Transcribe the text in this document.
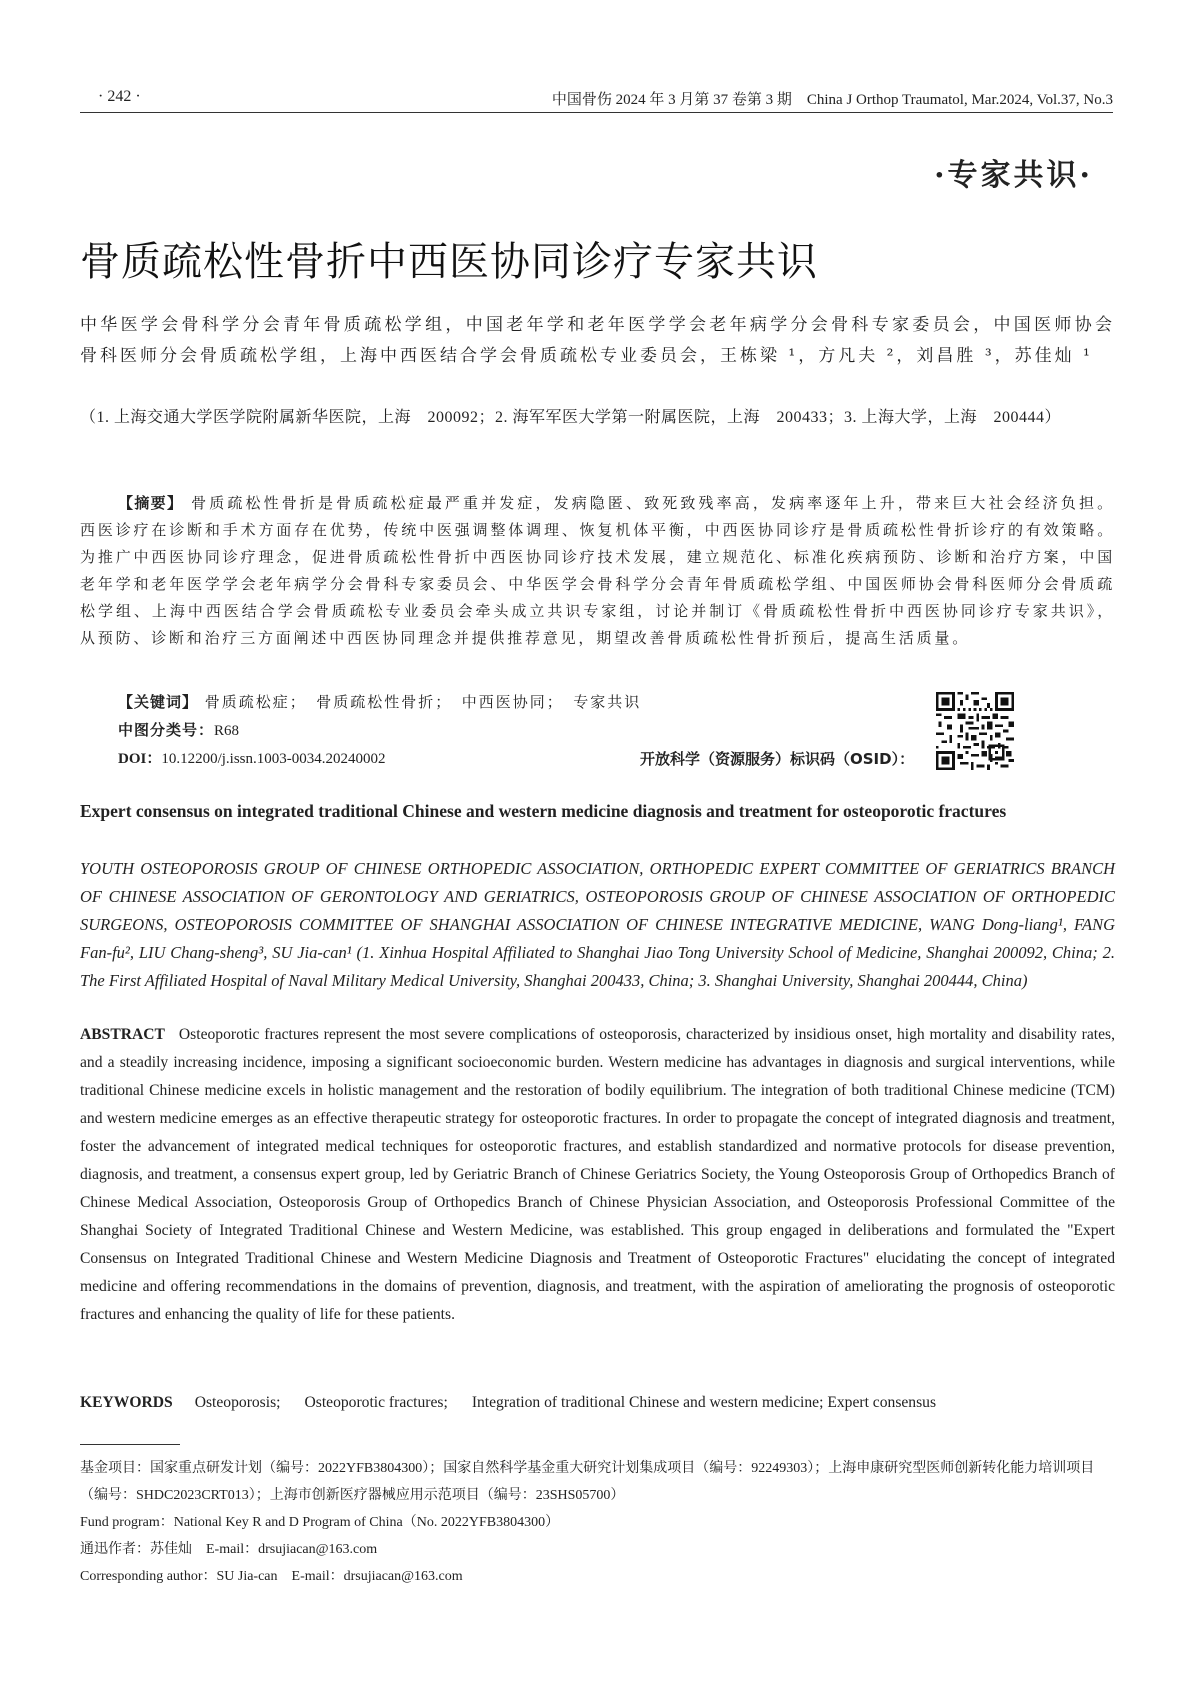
· 242 ·	中国骨伤 2024 年 3 月第 37 卷第 3 期　China J Orthop Traumatol, Mar.2024, Vol.37, No.3
·专家共识·
骨质疏松性骨折中西医协同诊疗专家共识
中华医学会骨科学分会青年骨质疏松学组，中国老年学和老年医学学会老年病学分会骨科专家委员会，中国医师协会骨科医师分会骨质疏松学组，上海中西医结合学会骨质疏松专业委员会，王栋梁 ¹，方凡夫 ²，刘昌胜 ³，苏佳灿 ¹
（1. 上海交通大学医学院附属新华医院，上海　200092；2. 海军军医大学第一附属医院，上海　200433；3. 上海大学，上海　200444）
【摘要】 骨质疏松性骨折是骨质疏松症最严重并发症，发病隐匿、致死致残率高，发病率逐年上升，带来巨大社会经济负担。西医诊疗在诊断和手术方面存在优势，传统中医强调整体调理、恢复机体平衡，中西医协同诊疗是骨质疏松性骨折诊疗的有效策略。为推广中西医协同诊疗理念，促进骨质疏松性骨折中西医协同诊疗技术发展，建立规范化、标准化疾病预防、诊断和治疗方案，中国老年学和老年医学学会老年病学分会骨科专家委员会、中华医学会骨科学分会青年骨质疏松学组、中国医师协会骨科医师分会骨质疏松学组、上海中西医结合学会骨质疏松专业委员会牵头成立共识专家组，讨论并制订《骨质疏松性骨折中西医协同诊疗专家共识》，从预防、诊断和治疗三方面阐述中西医协同理念并提供推荐意见，期望改善骨质疏松性骨折预后，提高生活质量。
【关键词】 骨质疏松症；　骨质疏松性骨折；　中西医协同；　专家共识
中图分类号：R68
DOI：10.12200/j.issn.1003-0034.20240002	开放科学（资源服务）标识码（OSID）：
Expert consensus on integrated traditional Chinese and western medicine diagnosis and treatment for osteoporotic fractures
YOUTH OSTEOPOROSIS GROUP OF CHINESE ORTHOPEDIC ASSOCIATION, ORTHOPEDIC EXPERT COMMITTEE OF GERIATRICS BRANCH OF CHINESE ASSOCIATION OF GERONTOLOGY AND GERIATRICS, OSTEOPOROSIS GROUP OF CHINESE ASSOCIATION OF ORTHOPEDIC SURGEONS, OSTEOPOROSIS COMMITTEE OF SHANGHAI ASSOCIATION OF CHINESE INTEGRATIVE MEDICINE, WANG Dong-liang¹, FANG Fan-fu², LIU Chang-sheng³, SU Jia-can¹ (1. Xinhua Hospital Affiliated to Shanghai Jiao Tong University School of Medicine, Shanghai 200092, China; 2. The First Affiliated Hospital of Naval Military Medical University, Shanghai 200433, China; 3. Shanghai University, Shanghai 200444, China)
ABSTRACT Osteoporotic fractures represent the most severe complications of osteoporosis, characterized by insidious onset, high mortality and disability rates, and a steadily increasing incidence, imposing a significant socioeconomic burden. Western medicine has advantages in diagnosis and surgical interventions, while traditional Chinese medicine excels in holistic management and the restoration of bodily equilibrium. The integration of both traditional Chinese medicine (TCM) and western medicine emerges as an effective therapeutic strategy for osteoporotic fractures. In order to propagate the concept of integrated diagnosis and treatment, foster the advancement of integrated medical techniques for osteoporotic fractures, and establish standardized and normative protocols for disease prevention, diagnosis, and treatment, a consensus expert group, led by Geriatric Branch of Chinese Geriatrics Society, the Young Osteoporosis Group of Orthopedics Branch of Chinese Medical Association, Osteoporosis Group of Orthopedics Branch of Chinese Physician Association, and Osteoporosis Professional Committee of the Shanghai Society of Integrated Traditional Chinese and Western Medicine, was established. This group engaged in deliberations and formulated the "Expert Consensus on Integrated Traditional Chinese and Western Medicine Diagnosis and Treatment of Osteoporotic Fractures" elucidating the concept of integrated medicine and offering recommendations in the domains of prevention, diagnosis, and treatment, with the aspiration of ameliorating the prognosis of osteoporotic fractures and enhancing the quality of life for these patients.
KEYWORDS Osteoporosis; Osteoporotic fractures; Integration of traditional Chinese and western medicine; Expert consensus
基金项目：国家重点研发计划（编号：2022YFB3804300）；国家自然科学基金重大研究计划集成项目（编号：92249303）；上海申康研究型医师创新转化能力培训项目（编号：SHDC2023CRT013）；上海市创新医疗器械应用示范项目（编号：23SHS05700）
Fund program：National Key R and D Program of China（No. 2022YFB3804300）
通迅作者：苏佳灿　E-mail：drsujiacan@163.com
Corresponding author：SU Jia-can　E-mail：drsujiacan@163.com
